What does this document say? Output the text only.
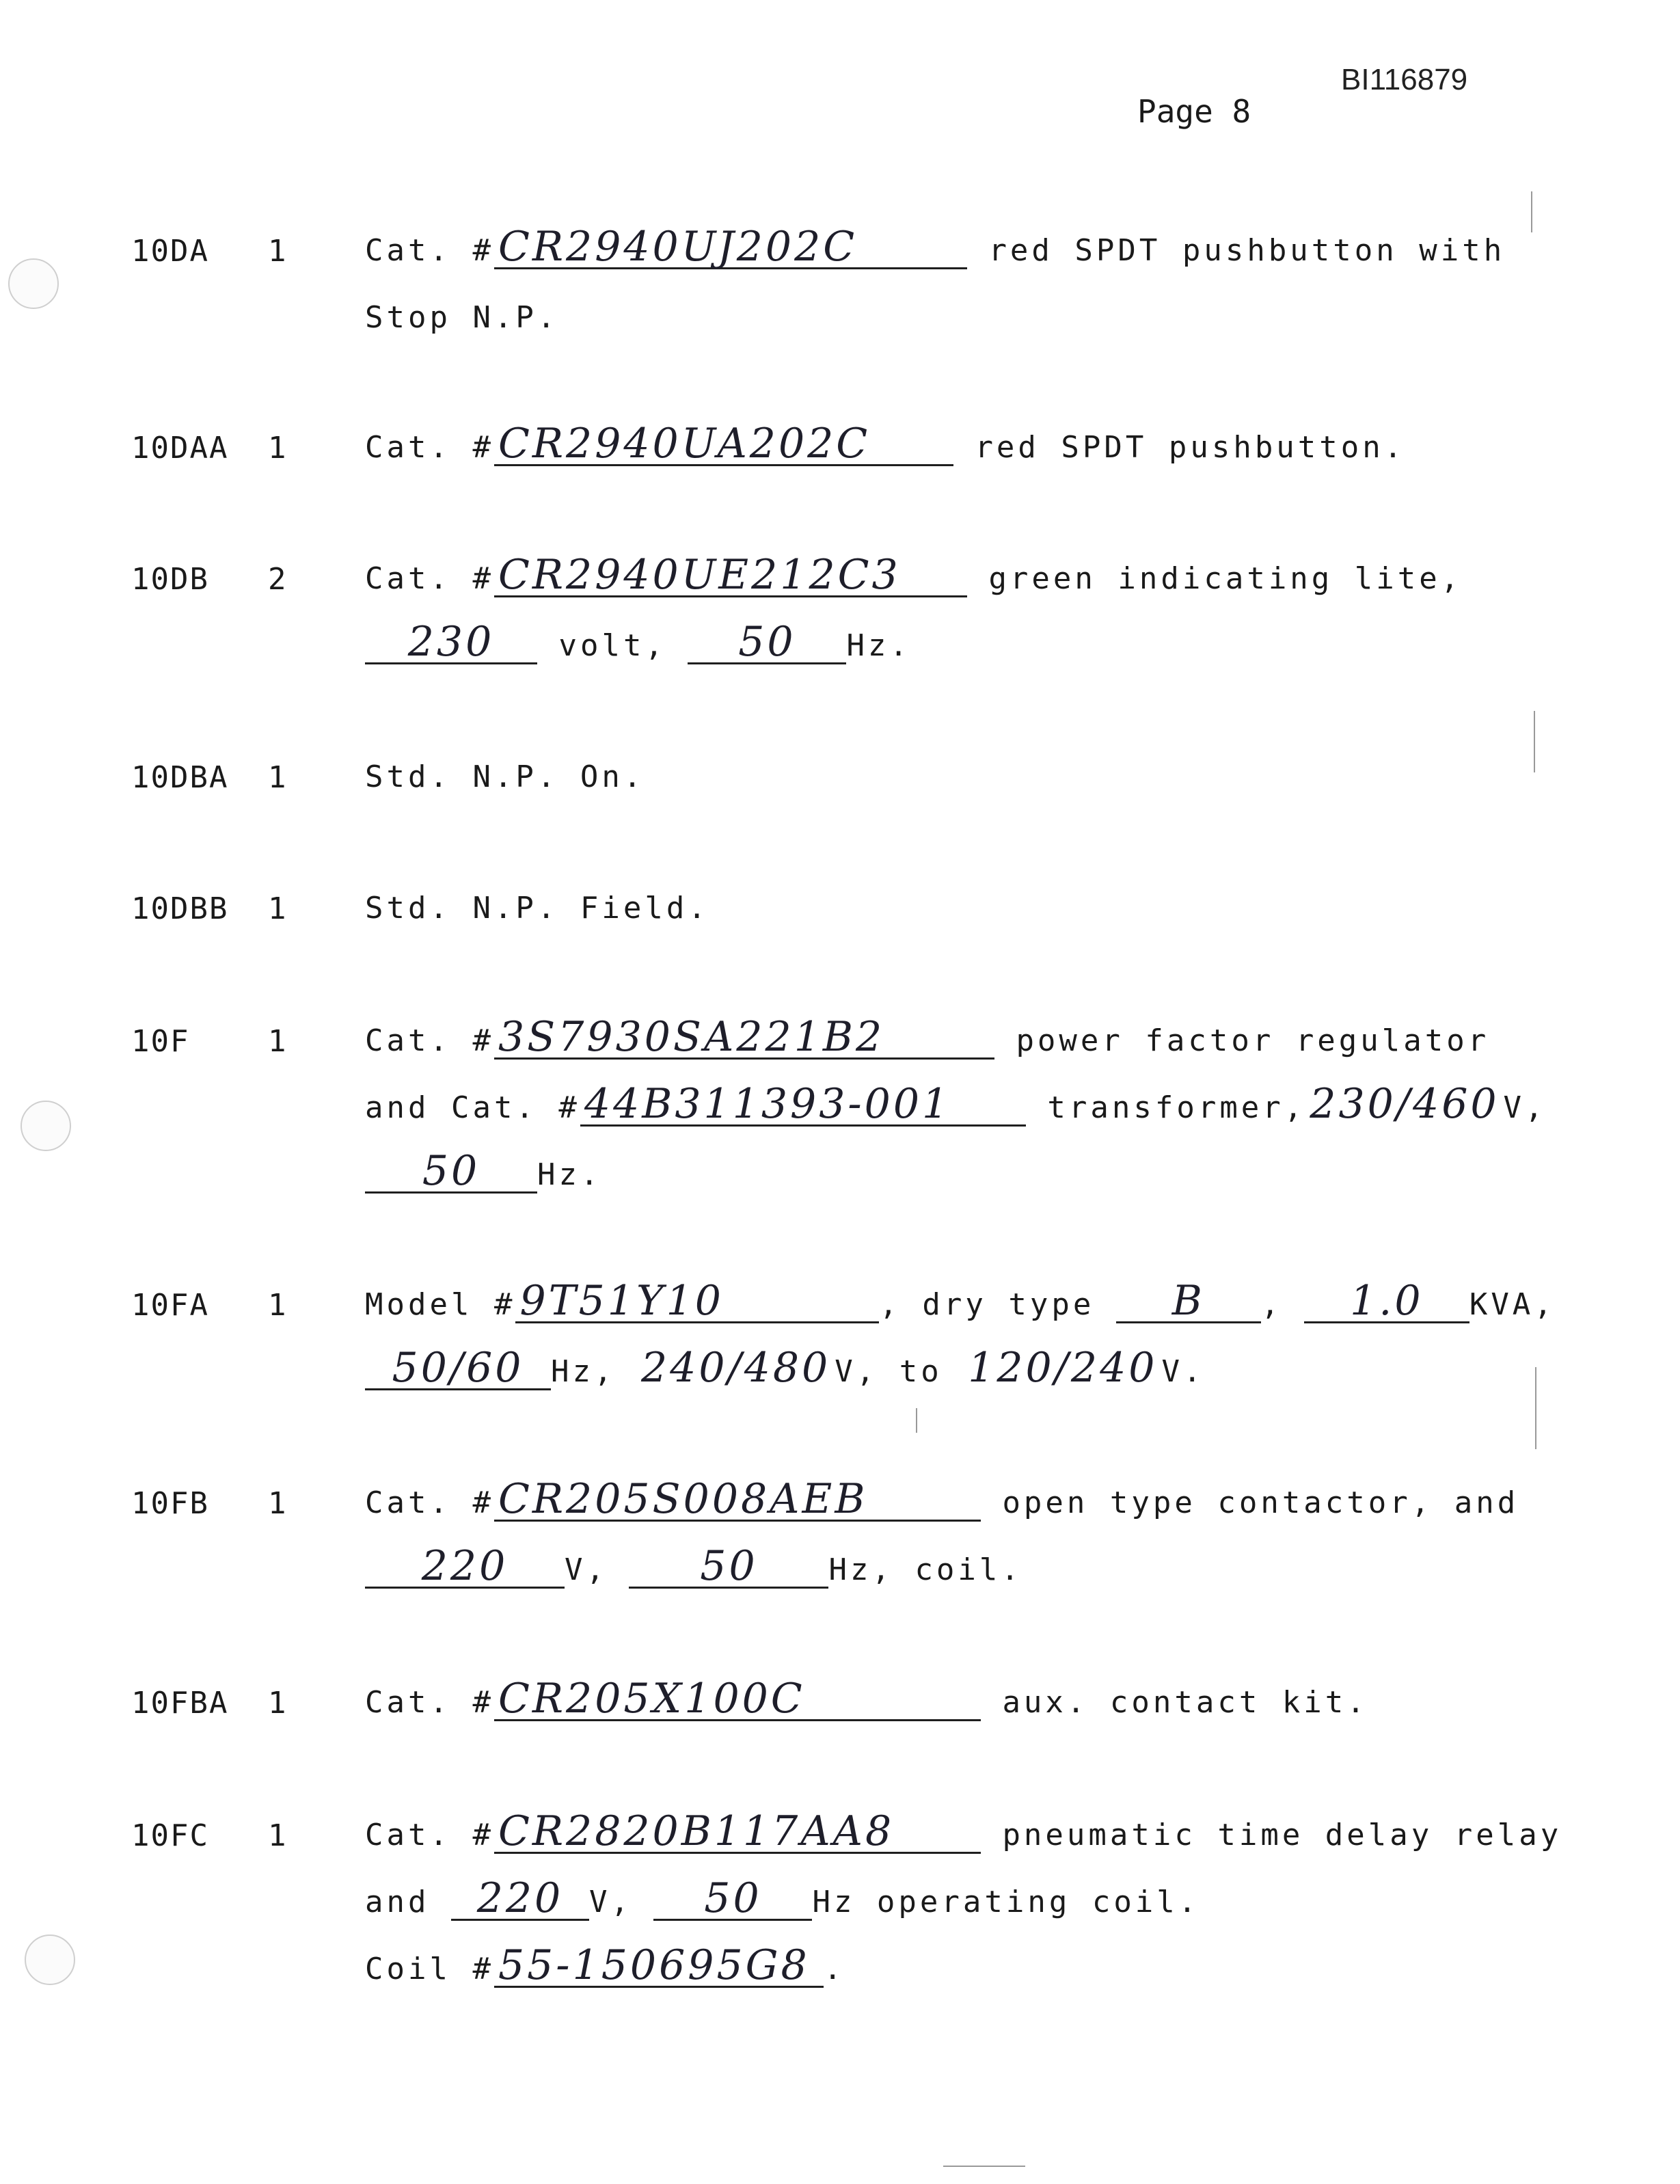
BI116879
Page 8
10DA 1	Cat. # CR2940UJ202C	red SPDT pushbutton with
Stop N.P.
10DAA 1	Cat. # CR2940UA202C	red SPDT pushbutton.
10DB 2	Cat. # CR2940UE212C3 green indicating lite,
230 volt, 50 Hz.
10DBA 1	Std. N.P. On.
10DBB 1	Std. N.P. Field.
10F	1	Cat. # 3S7930SA221B2	power factor regulator
and Cat. # 44B311393-001 transformer, 230/460 V,
50 Hz.
10FA 1	Model # 9T51Y10	, dry type B , 1.0 KVA,
50/60 Hz, 240/480 V, to 120/240 V.
10FB 1	Cat. # CR205S008AEB	open type contactor, and
220 V, 50 Hz, coil.
10FBA 1	Cat. # CR205X100C	aux. contact kit.
10FC 1	Cat. # CR2820B117AA8	pneumatic time delay relay
and 220 V, 50 Hz operating coil.
Coil # 55-150695G8 .
